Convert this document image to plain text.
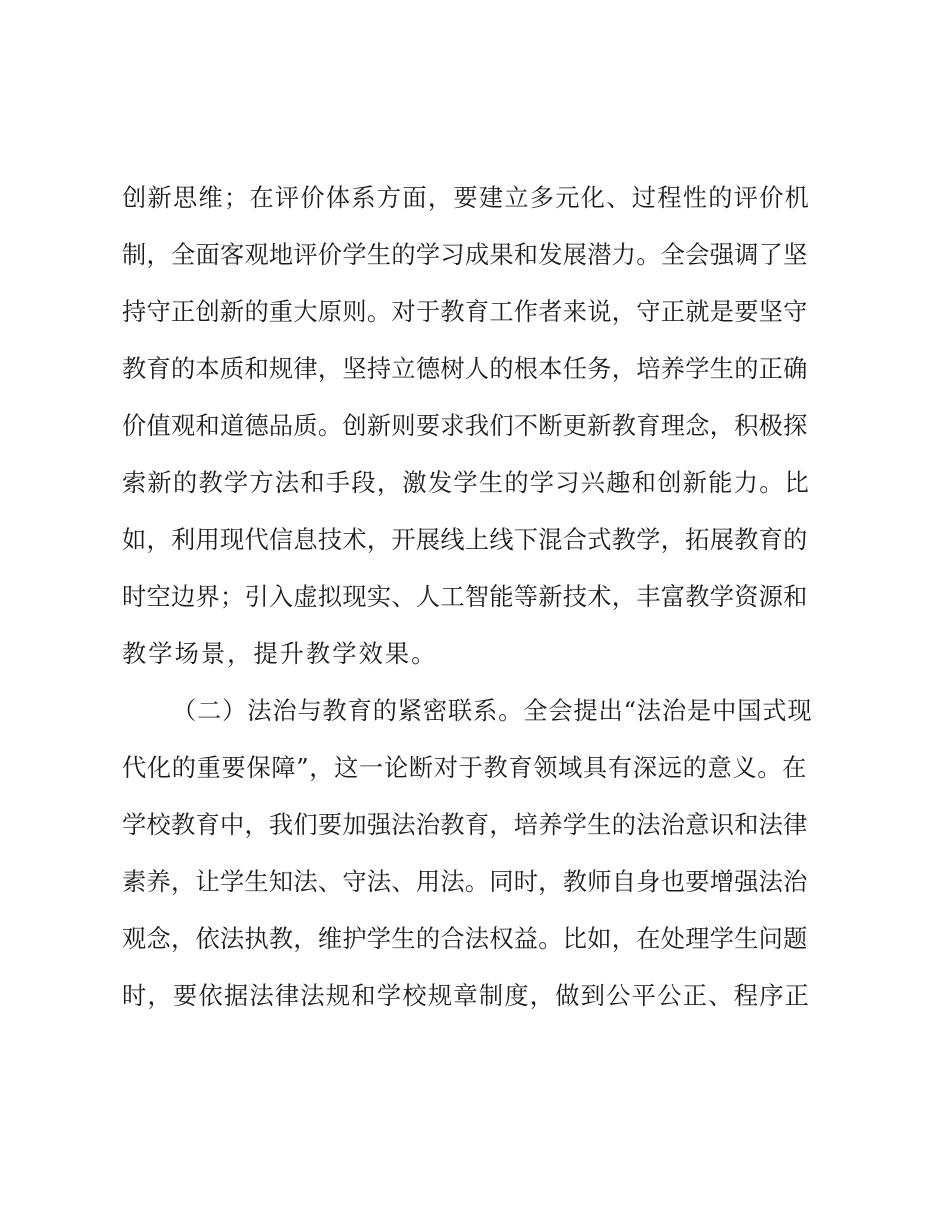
创新思维；在评价体系方面，要建立多元化、过程性的评价机
制，全面客观地评价学生的学习成果和发展潜力。全会强调了坚
持守正创新的重大原则。对于教育工作者来说，守正就是要坚守
教育的本质和规律，坚持立德树人的根本任务，培养学生的正确
价值观和道德品质。创新则要求我们不断更新教育理念，积极探
索新的教学方法和手段，激发学生的学习兴趣和创新能力。比
如，利用现代信息技术，开展线上线下混合式教学，拓展教育的
时空边界；引入虚拟现实、人工智能等新技术，丰富教学资源和
教学场景，提升教学效果。
（二）法治与教育的紧密联系。全会提出“法治是中国式现
代化的重要保障”，这一论断对于教育领域具有深远的意义。在
学校教育中，我们要加强法治教育，培养学生的法治意识和法律
素养，让学生知法、守法、用法。同时，教师自身也要增强法治
观念，依法执教，维护学生的合法权益。比如，在处理学生问题
时，要依据法律法规和学校规章制度，做到公平公正、程序正
